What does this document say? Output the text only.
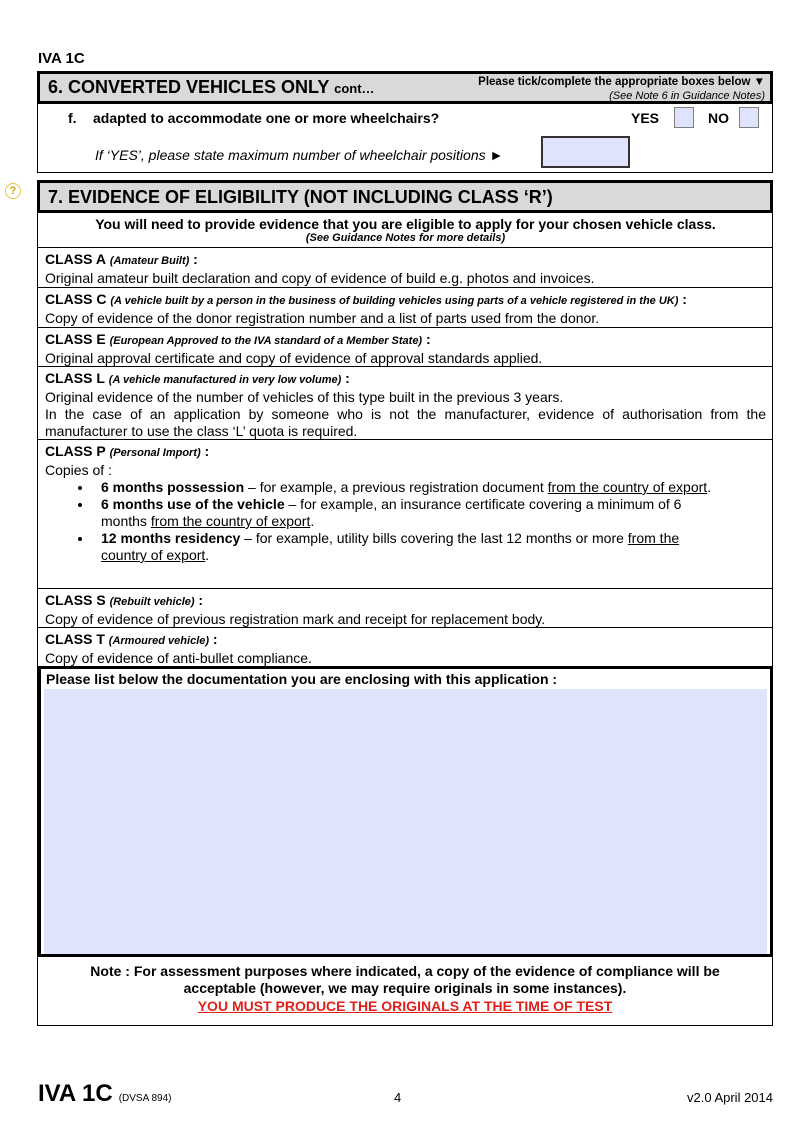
IVA 1C
6. CONVERTED VEHICLES ONLY cont…	Please tick/complete the appropriate boxes below ▼
(See Note 6 in Guidance Notes)
f. adapted to accommodate one or more wheelchairs?	YES	NO
If ‘YES’, please state maximum number of wheelchair positions ►
? 7. EVIDENCE OF ELIGIBILITY (NOT INCLUDING CLASS ‘R’)
You will need to provide evidence that you are eligible to apply for your chosen vehicle class.
(See Guidance Notes for more details)
CLASS A (Amateur Built) :
Original amateur built declaration and copy of evidence of build e.g. photos and invoices.
CLASS C (A vehicle built by a person in the business of building vehicles using parts of a vehicle registered in the UK) :
Copy of evidence of the donor registration number and a list of parts used from the donor.
CLASS E (European Approved to the IVA standard of a Member State) :
Original approval certificate and copy of evidence of approval standards applied.
CLASS L (A vehicle manufactured in very low volume) :
Original evidence of the number of vehicles of this type built in the previous 3 years.
In the case of an application by someone who is not the manufacturer, evidence of authorisation from the manufacturer to use the class ‘L’ quota is required.
CLASS P (Personal Import) :
Copies of :
• 6 months possession – for example, a previous registration document from the country of export.
• 6 months use of the vehicle – for example, an insurance certificate covering a minimum of 6 months from the country of export.
• 12 months residency – for example, utility bills covering the last 12 months or more from the country of export.
CLASS S (Rebuilt vehicle) :
Copy of evidence of previous registration mark and receipt for replacement body.
CLASS T (Armoured vehicle) :
Copy of evidence of anti-bullet compliance.
Please list below the documentation you are enclosing with this application :
Note : For assessment purposes where indicated, a copy of the evidence of compliance will be
acceptable (however, we may require originals in some instances).
YOU MUST PRODUCE THE ORIGINALS AT THE TIME OF TEST
IVA 1C (DVSA 894)	4	v2.0 April 2014
